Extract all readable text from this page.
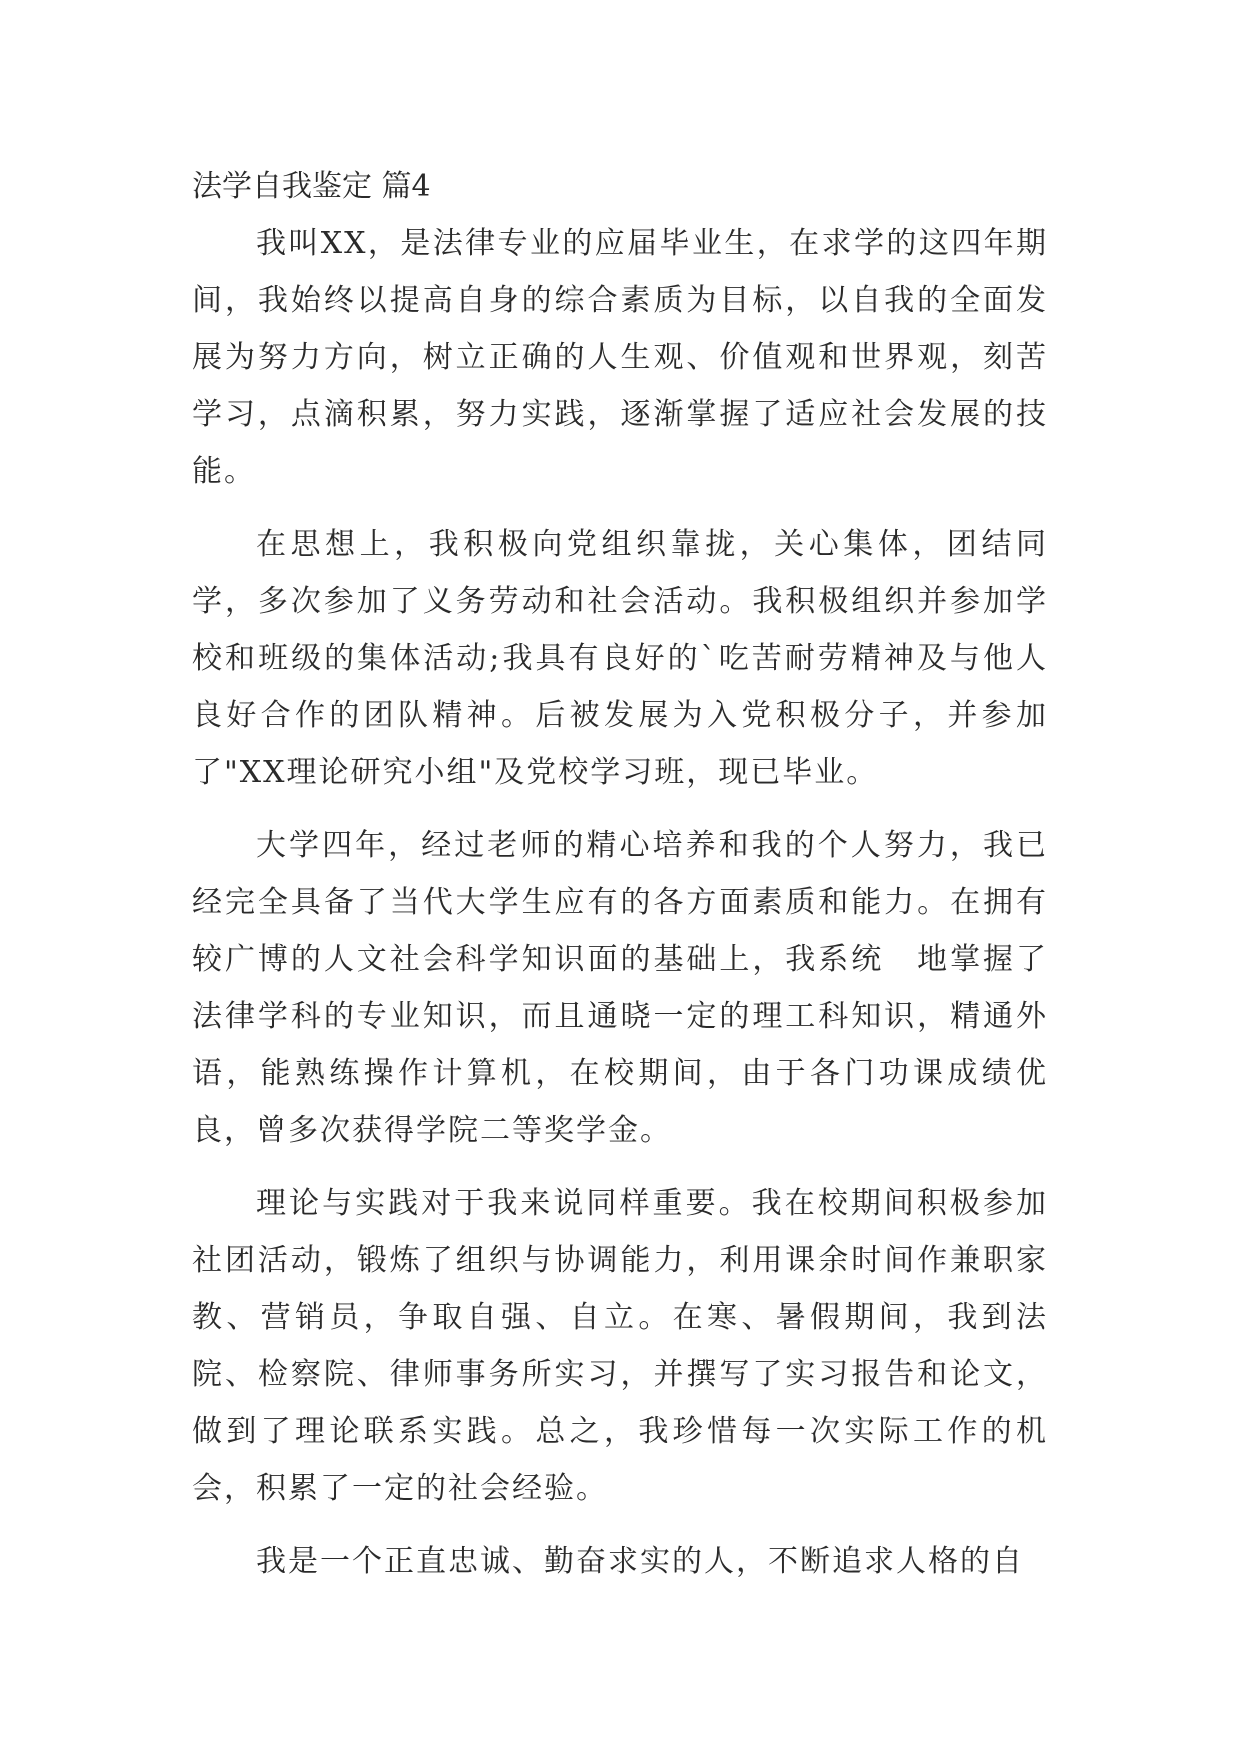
法学自我鉴定 篇4

我叫XX，是法律专业的应届毕业生，在求学的这四年期间，我始终以提高自身的综合素质为目标，以自我的全面发展为努力方向，树立正确的人生观、价值观和世界观，刻苦学习，点滴积累，努力实践，逐渐掌握了适应社会发展的技能。

在思想上，我积极向党组织靠拢，关心集体，团结同学，多次参加了义务劳动和社会活动。我积极组织并参加学校和班级的集体活动;我具有良好的`吃苦耐劳精神及与他人良好合作的团队精神。后被发展为入党积极分子，并参加了"XX理论研究小组"及党校学习班，现已毕业。

大学四年，经过老师的精心培养和我的个人努力，我已经完全具备了当代大学生应有的各方面素质和能力。在拥有较广博的人文社会科学知识面的基础上，我系统　地掌握了法律学科的专业知识，而且通晓一定的理工科知识，精通外语，能熟练操作计算机，在校期间，由于各门功课成绩优良，曾多次获得学院二等奖学金。

理论与实践对于我来说同样重要。我在校期间积极参加社团活动，锻炼了组织与协调能力，利用课余时间作兼职家教、营销员，争取自强、自立。在寒、暑假期间，我到法院、检察院、律师事务所实习，并撰写了实习报告和论文，做到了理论联系实践。总之，我珍惜每一次实际工作的机会，积累了一定的社会经验。

我是一个正直忠诚、勤奋求实的人，不断追求人格的自
